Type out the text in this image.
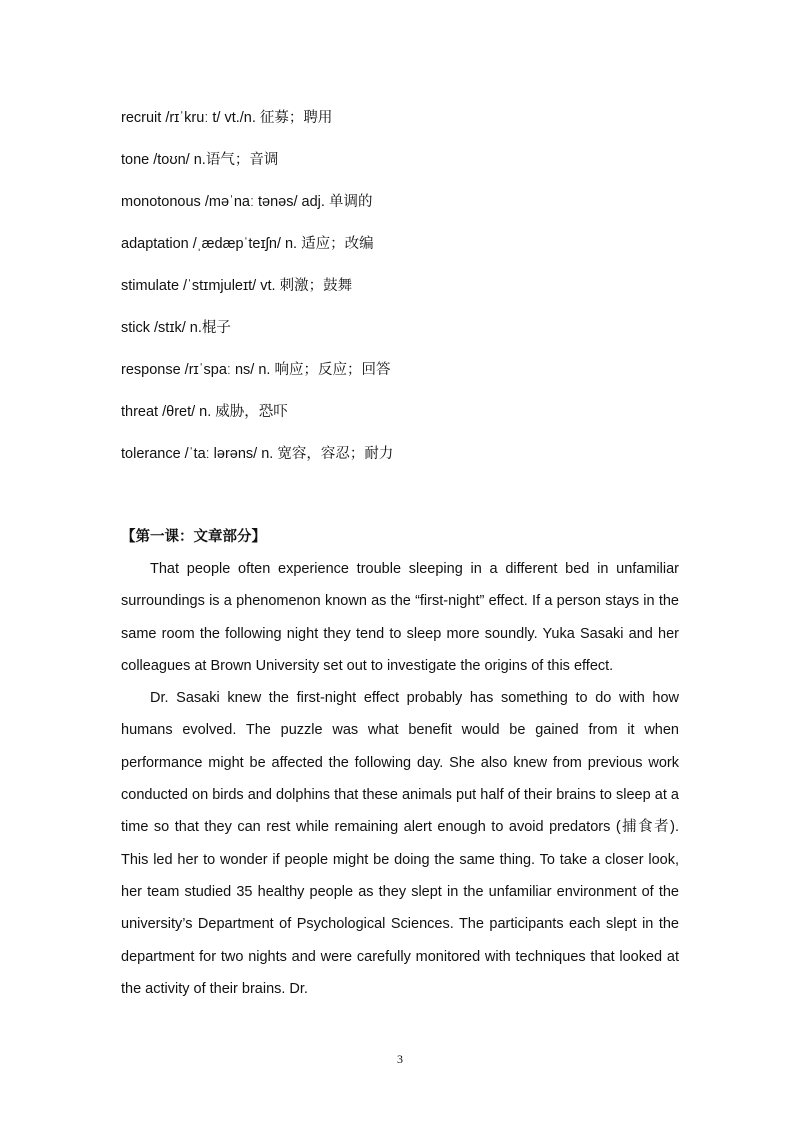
recruit /rɪˈkruː t/ vt./n. 征募；聘用
tone /toʊn/ n.语气；音调
monotonous /məˈnaː tənəs/ adj. 单调的
adaptation /ˌædæpˈteɪʃn/ n. 适应；改编
stimulate /ˈstɪmjuleɪt/ vt. 刺激；鼓舞
stick /stɪk/ n.棍子
response /rɪˈspaː ns/ n. 响应；反应；回答
threat /θret/ n. 威胁，恐吓
tolerance /ˈtaː lərəns/ n. 宽容，容忍；耐力
【第一课：文章部分】

That people often experience trouble sleeping in a different bed in unfamiliar surroundings is a phenomenon known as the “first-night” effect. If a person stays in the same room the following night they tend to sleep more soundly. Yuka Sasaki and her colleagues at Brown University set out to investigate the origins of this effect.

Dr. Sasaki knew the first-night effect probably has something to do with how humans evolved. The puzzle was what benefit would be gained from it when performance might be affected the following day. She also knew from previous work conducted on birds and dolphins that these animals put half of their brains to sleep at a time so that they can rest while remaining alert enough to avoid predators (捕食者). This led her to wonder if people might be doing the same thing. To take a closer look, her team studied 35 healthy people as they slept in the unfamiliar environment of the university’s Department of Psychological Sciences. The participants each slept in the department for two nights and were carefully monitored with techniques that looked at the activity of their brains. Dr.

3
